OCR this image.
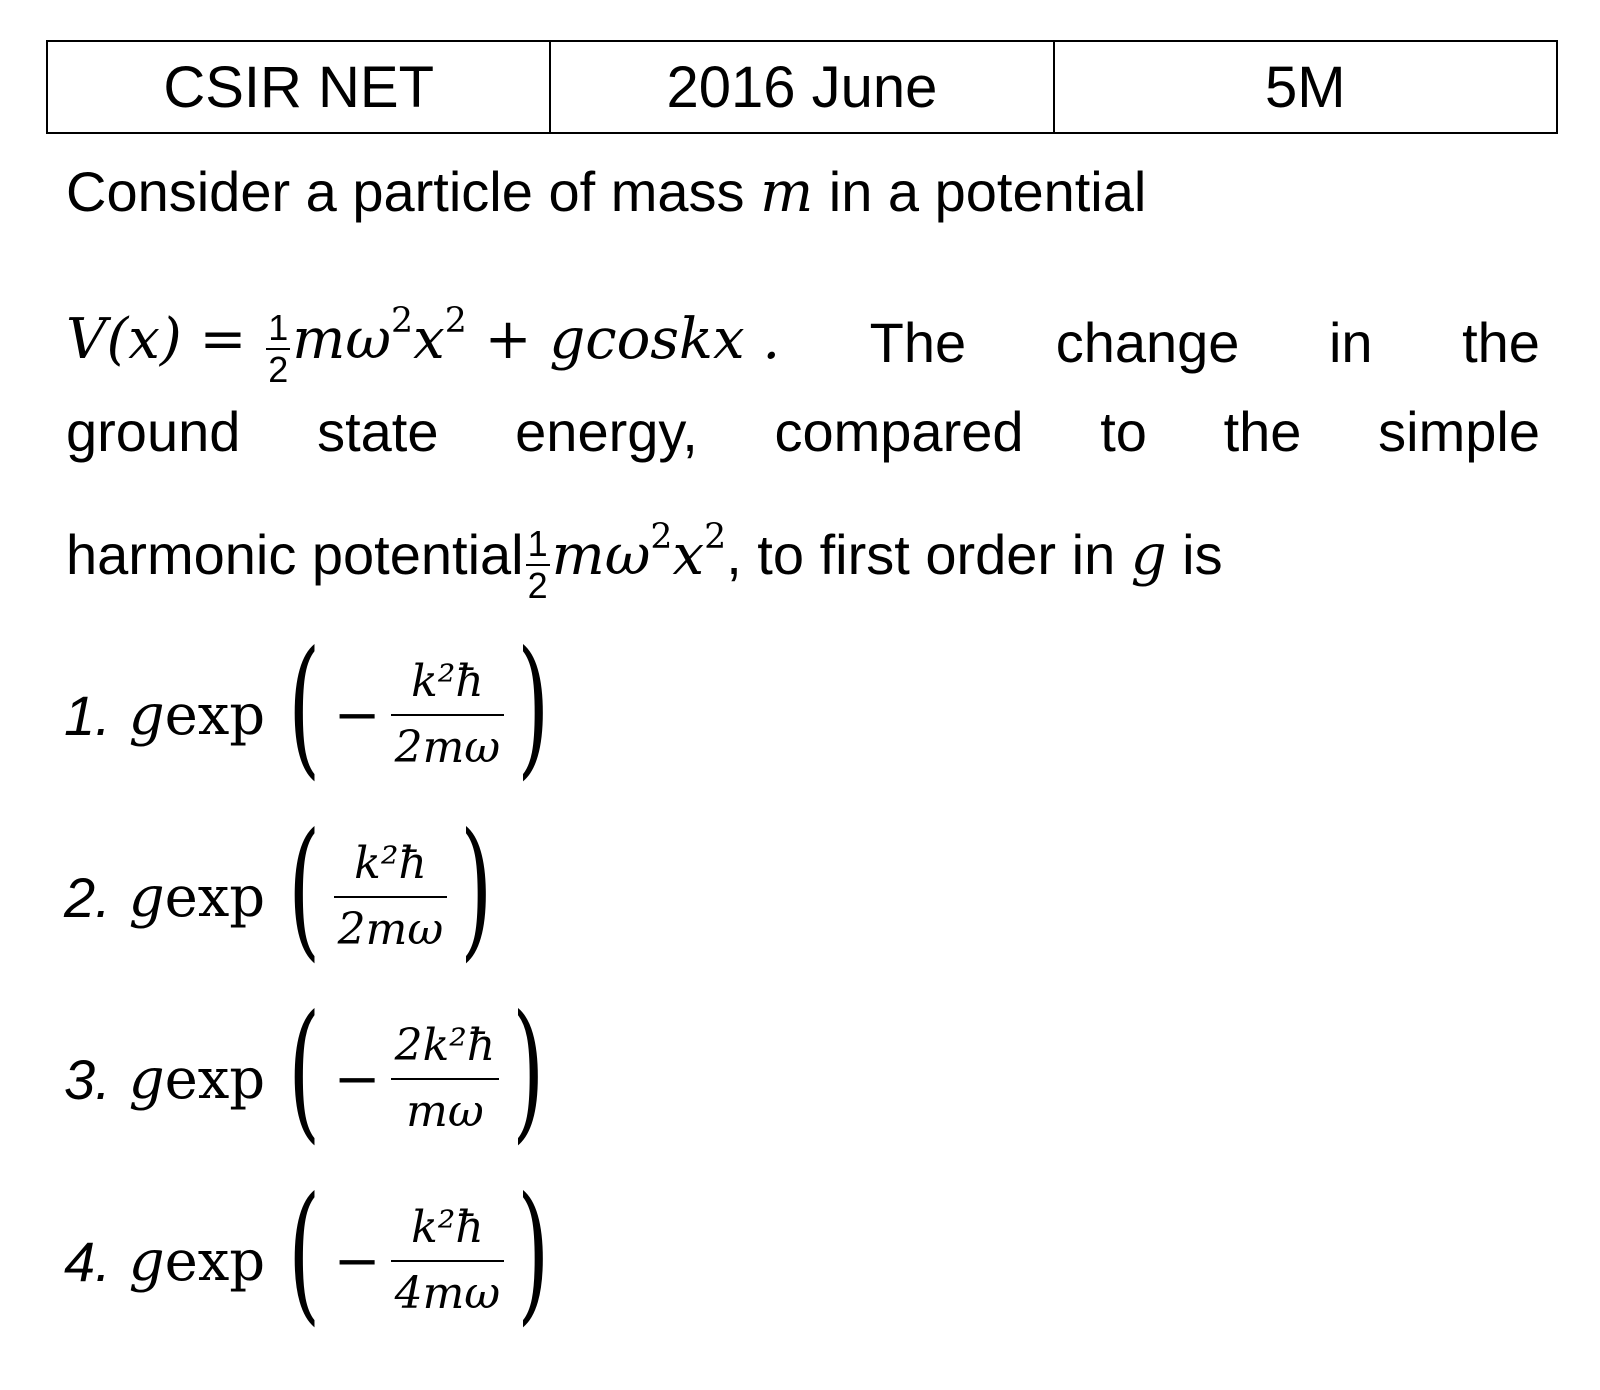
CSIR NET	2016 June	5M
Consider a particle of mass m in a potential
$V(x) = \frac{1}{2} m\omega^2x^2$ + gcoskx . The change in the
ground state energy, compared to the simple
harmonic potential $\frac{1}{2} m\omega^2x^2$, to first order in g is
1. g exp ( − $\frac{\text{k²ħ}}{2m\omega}$ )
2. g exp ( $\frac{\text{k²ħ}}{2m\omega}$ )
3. g exp ( − $\frac{\text{2k²ħ}}{m\omega}$ )
4. g exp ( − $\frac{\text{k²ħ}}{4m\omega}$ )
